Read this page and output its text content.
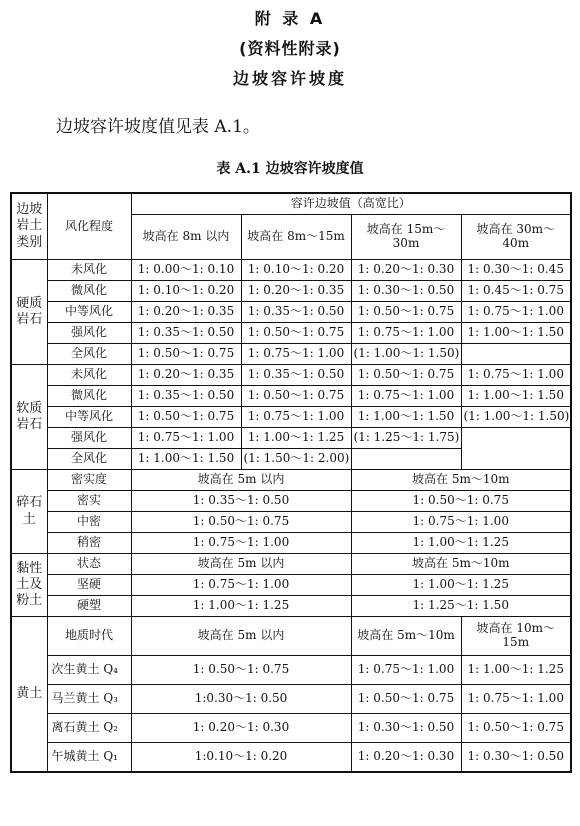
附 录 A
(资料性附录)
边坡容许坡度
边坡容许坡度值见表 A.1。
表 A.1 边坡容许坡度值
边坡岩土类别	风化程度	容许边坡值（高宽比）			
		坡高在 8m 以内	坡高在 8m～15m	坡高在 15m～30m	坡高在 30m～40m
硬质岩石	未风化	1: 0.00～1: 0.10	1: 0.10～1: 0.20	1: 0.20～1: 0.30	1: 0.30～1: 0.45
	微风化	1: 0.10～1: 0.20	1: 0.20～1: 0.35	1: 0.30～1: 0.50	1: 0.45～1: 0.75
	中等风化	1: 0.20～1: 0.35	1: 0.35～1: 0.50	1: 0.50～1: 0.75	1: 0.75～1: 1.00
	强风化	1: 0.35～1: 0.50	1: 0.50～1: 0.75	1: 0.75～1: 1.00	1: 1.00～1: 1.50
	全风化	1: 0.50～1: 0.75	1: 0.75～1: 1.00	(1: 1.00～1: 1.50)	
软质岩石	未风化	1: 0.20～1: 0.35	1: 0.35～1: 0.50	1: 0.50～1: 0.75	1: 0.75～1: 1.00
	微风化	1: 0.35～1: 0.50	1: 0.50～1: 0.75	1: 0.75～1: 1.00	1: 1.00～1: 1.50
	中等风化	1: 0.50～1: 0.75	1: 0.75～1: 1.00	1: 1.00～1: 1.50	(1: 1.00～1: 1.50)
	强风化	1: 0.75～1: 1.00	1: 1.00～1: 1.25	(1: 1.25～1: 1.75)	
	全风化	1: 1.00～1: 1.50	(1: 1.50～1: 2.00)		
碎石土	密实度	坡高在 5m 以内		坡高在 5m～10m	
	密实	1: 0.35～1: 0.50		1: 0.50～1: 0.75	
	中密	1: 0.50～1: 0.75		1: 0.75～1: 1.00	
	稍密	1: 0.75～1: 1.00		1: 1.00～1: 1.25	
黏性土及粉土	状态	坡高在 5m 以内		坡高在 5m～10m	
	坚硬	1: 0.75～1: 1.00		1: 1.00～1: 1.25	
	硬塑	1: 1.00～1: 1.25		1: 1.25～1: 1.50	
黄土	地质时代	坡高在 5m 以内		坡高在 5m～10m	坡高在 10m～15m
	次生黄土 Q₄	1: 0.50～1: 0.75		1: 0.75～1: 1.00	1: 1.00～1: 1.25
	马兰黄土 Q₃	1:0.30～1: 0.50		1: 0.50～1: 0.75	1: 0.75～1: 1.00
	离石黄土 Q₂	1: 0.20～1: 0.30		1: 0.30～1: 0.50	1: 0.50～1: 0.75
	午城黄土 Q₁	1:0.10～1: 0.20		1: 0.20～1: 0.30	1: 0.30～1: 0.50
